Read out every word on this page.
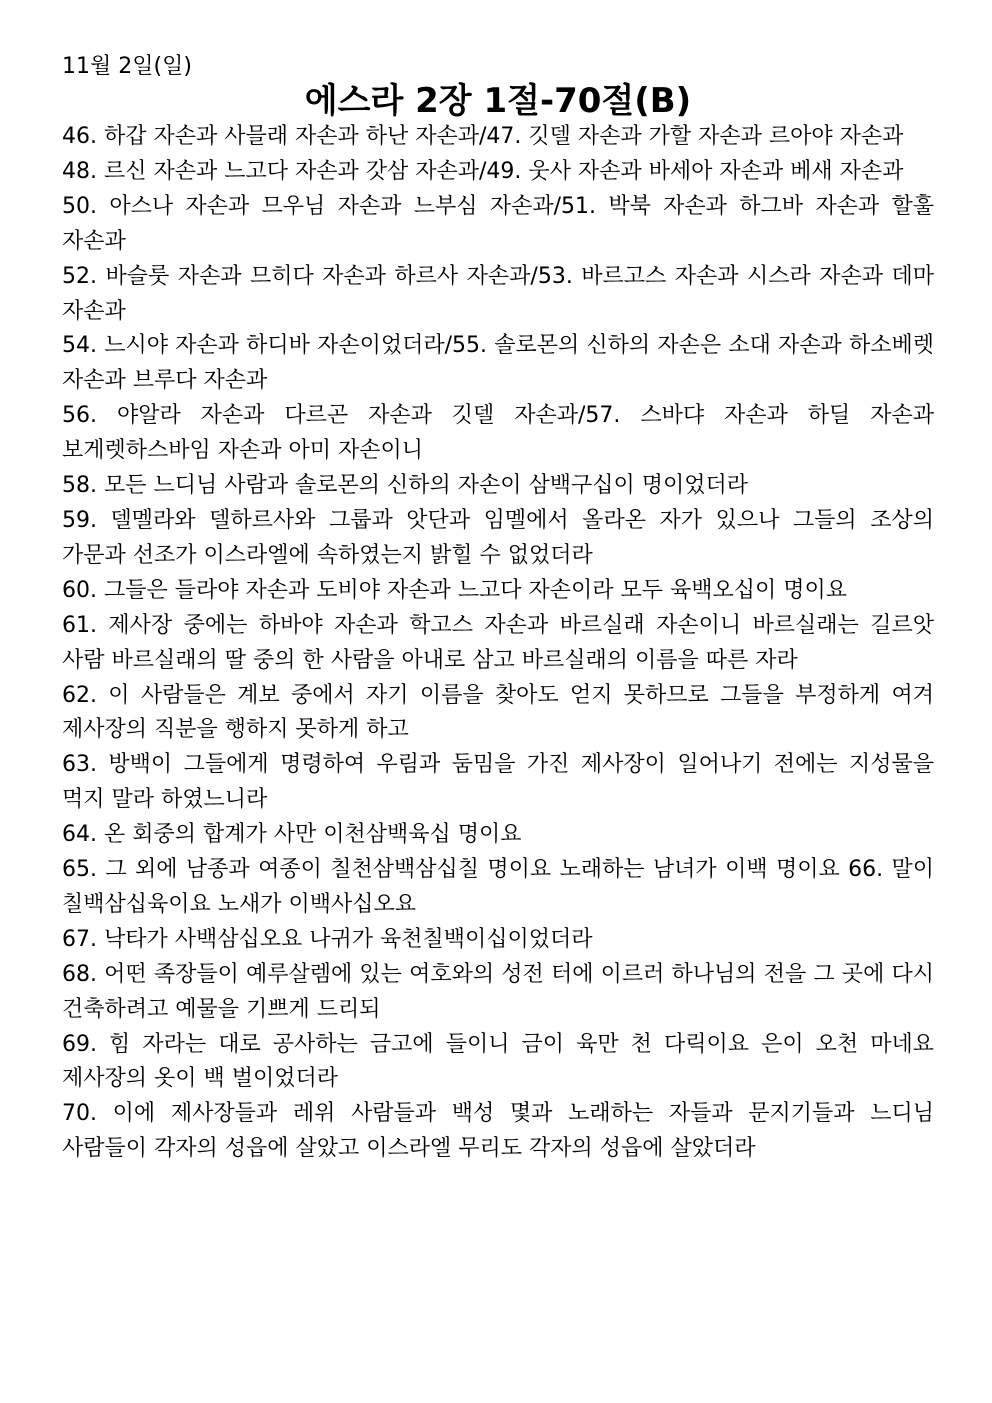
11월 2일(일)

에스라 2장 1절-70절(B)

46. 하갑 자손과 사믈래 자손과 하난 자손과/47. 깃델 자손과 가할 자손과 르아야 자손과

48. 르신 자손과 느고다 자손과 갓삼 자손과/49. 웃사 자손과 바세아 자손과 베새 자손과

50. 아스나 자손과 므우님 자손과 느부심 자손과/51. 박북 자손과 하그바 자손과 할훌 자손과

52. 바슬룻 자손과 므히다 자손과 하르사 자손과/53. 바르고스 자손과 시스라 자손과 데마 자손과

54. 느시야 자손과 하디바 자손이었더라/55. 솔로몬의 신하의 자손은 소대 자손과 하소베렛 자손과 브루다 자손과

56. 야알라 자손과 다르곤 자손과 깃델 자손과/57. 스바댜 자손과 하딜 자손과 보게렛하스바임 자손과 아미 자손이니

58. 모든 느디님 사람과 솔로몬의 신하의 자손이 삼백구십이 명이었더라

59. 델멜라와 델하르사와 그룹과 앗단과 임멜에서 올라온 자가 있으나 그들의 조상의 가문과 선조가 이스라엘에 속하였는지 밝힐 수 없었더라

60. 그들은 들라야 자손과 도비야 자손과 느고다 자손이라 모두 육백오십이 명이요

61. 제사장 중에는 하바야 자손과 학고스 자손과 바르실래 자손이니 바르실래는 길르앗 사람 바르실래의 딸 중의 한 사람을 아내로 삼고 바르실래의 이름을 따른 자라

62. 이 사람들은 계보 중에서 자기 이름을 찾아도 얻지 못하므로 그들을 부정하게 여겨 제사장의 직분을 행하지 못하게 하고

63. 방백이 그들에게 명령하여 우림과 둠밈을 가진 제사장이 일어나기 전에는 지성물을 먹지 말라 하였느니라

64. 온 회중의 합계가 사만 이천삼백육십 명이요

65. 그 외에 남종과 여종이 칠천삼백삼십칠 명이요 노래하는 남녀가 이백 명이요 66. 말이 칠백삼십육이요 노새가 이백사십오요

67. 낙타가 사백삼십오요 나귀가 육천칠백이십이었더라

68. 어떤 족장들이 예루살렘에 있는 여호와의 성전 터에 이르러 하나님의 전을 그 곳에 다시 건축하려고 예물을 기쁘게 드리되

69. 힘 자라는 대로 공사하는 금고에 들이니 금이 육만 천 다릭이요 은이 오천 마네요 제사장의 옷이 백 벌이었더라

70. 이에 제사장들과 레위 사람들과 백성 몇과 노래하는 자들과 문지기들과 느디님 사람들이 각자의 성읍에 살았고 이스라엘 무리도 각자의 성읍에 살았더라
